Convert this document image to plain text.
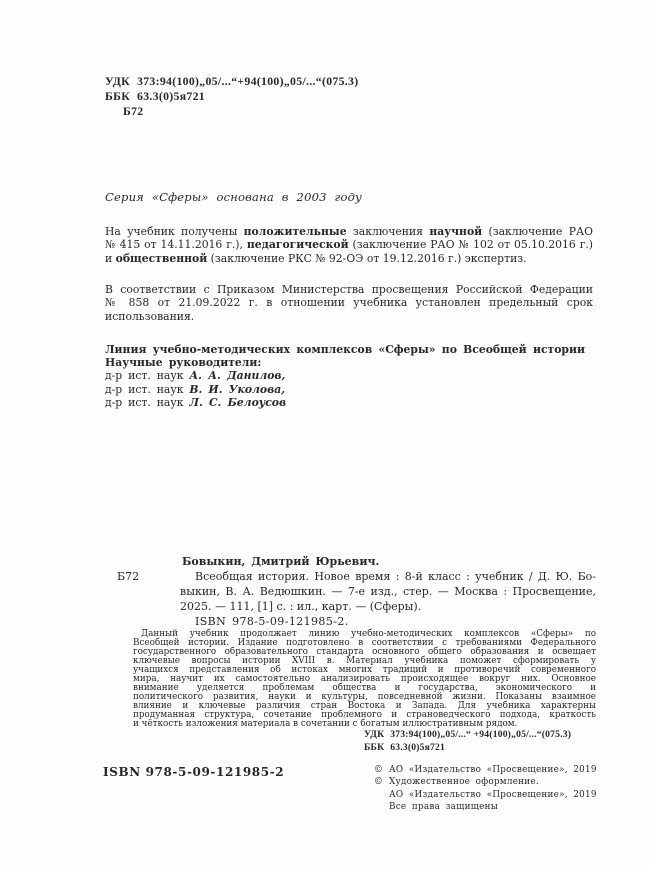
УДК 373:94(100)„05/...“+94(100)„05/...“(075.3)
ББК 63.3(0)5я721
Б72
Серия «Сферы» основана в 2003 году
На учебник получены положительные заключения научной (заключение РАО
№ 415 от 14.11.2016 г.), педагогической (заключение РАО № 102 от 05.10.2016 г.)
и общественной (заключение РКС № 92-ОЭ от 19.12.2016 г.) экспертиз.
В соответствии с Приказом Министерства просвещения Российской Федерации
№ 858 от 21.09.2022 г. в отношении учебника установлен предельный срок
использования.
Линия учебно-методических комплексов «Сферы» по Всеобщей истории
Научные руководители:
д-р ист. наук А. А. Данилов,
д-р ист. наук В. И. Уколова,
д-р ист. наук Л. С. Белоусов
Б72
Бовыкин, Дмитрий Юрьевич.
Всеобщая история. Новое время : 8-й класс : учебник / Д. Ю. Бо-
выкин, В. А. Ведюшкин. — 7-е изд., стер. — Москва : Просвещение,
2025. — 111, [1] с. : ил., карт. — (Сферы).
ISBN 978-5-09-121985-2.
Данный учебник продолжает линию учебно-методических комплексов «Сферы» по
Всеобщей истории. Издание подготовлено в соответствии с требованиями Федерального
государственного образовательного стандарта основного общего образования и освещает
ключевые вопросы истории XVIII в. Материал учебника поможет сформировать у
учащихся представления об истоках многих традиций и противоречий современного
мира, научит их самостоятельно анализировать происходящее вокруг них. Основное
внимание уделяется проблемам общества и государства, экономического и
политического развития, науки и культуры, повседневной жизни. Показаны взаимное
влияние и ключевые различия стран Востока и Запада. Для учебника характерны
продуманная структура, сочетание проблемного и страноведческого подхода, краткость
и чёткость изложения материала в сочетании с богатым иллюстративным рядом.
УДК 373:94(100)„05/...“ +94(100)„05/...“(075.3)
ББК 63.3(0)5я721
ISBN 978-5-09-121985-2	© АО «Издательство «Просвещение», 2019
© Художественное оформление.
АО «Издательство «Просвещение», 2019
Все права защищены
